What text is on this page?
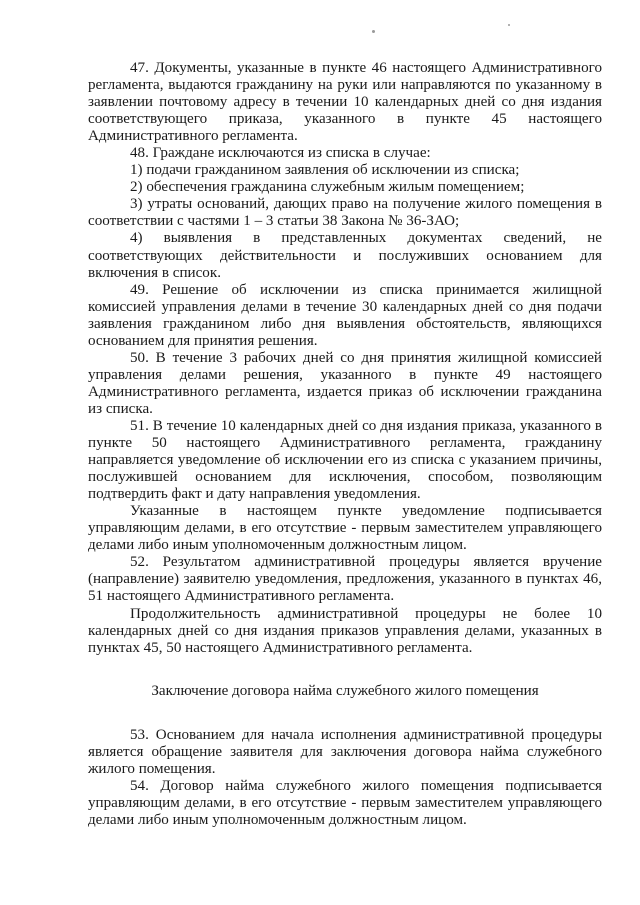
47. Документы, указанные в пункте 46 настоящего Административного регламента, выдаются гражданину на руки или направляются по указанному в заявлении почтовому адресу в течении 10 календарных дней со дня издания соответствующего приказа, указанного в пункте 45 настоящего Административного регламента.

48. Граждане исключаются из списка в случае:

1) подачи гражданином заявления об исключении из списка;

2) обеспечения гражданина служебным жилым помещением;

3) утраты оснований, дающих право на получение жилого помещения в соответствии с частями 1 – 3 статьи 38 Закона № 36-ЗАО;

4) выявления в представленных документах сведений, не соответствующих действительности и послуживших основанием для включения в список.

49. Решение об исключении из списка принимается жилищной комиссией управления делами в течение 30 календарных дней со дня подачи заявления гражданином либо дня выявления обстоятельств, являющихся основанием для принятия решения.

50. В течение 3 рабочих дней со дня принятия жилищной комиссией управления делами решения, указанного в пункте 49 настоящего Административного регламента, издается приказ об исключении гражданина из списка.

51. В течение 10 календарных дней со дня издания приказа, указанного в пункте 50 настоящего Административного регламента, гражданину направляется уведомление об исключении его из списка с указанием причины, послужившей основанием для исключения, способом, позволяющим подтвердить факт и дату направления уведомления.

Указанные в настоящем пункте уведомление подписывается управляющим делами, в его отсутствие - первым заместителем управляющего делами либо иным уполномоченным должностным лицом.

52. Результатом административной процедуры является вручение (направление) заявителю уведомления, предложения, указанного в пунктах 46, 51 настоящего Административного регламента.

Продолжительность административной процедуры не более 10 календарных дней со дня издания приказов управления делами, указанных в пунктах 45, 50 настоящего Административного регламента.

Заключение договора найма служебного жилого помещения

53. Основанием для начала исполнения административной процедуры является обращение заявителя для заключения договора найма служебного жилого помещения.

54. Договор найма служебного жилого помещения подписывается управляющим делами, в его отсутствие - первым заместителем управляющего делами либо иным уполномоченным должностным лицом.
